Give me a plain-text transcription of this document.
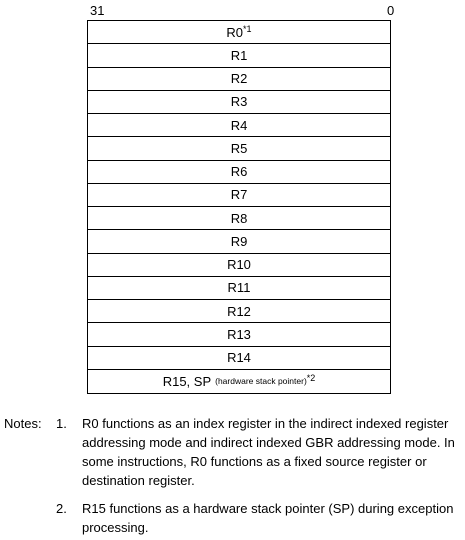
31	0
R0$^{*1}$
R1
R2
R3
R4
R5
R6
R7
R8
R9
R10
R11
R12
R13
R14
R15, SP (hardware stack pointer)$^{*2}$
Notes: 1.	R0 functions as an index register in the indirect indexed register addressing mode and indirect indexed GBR addressing mode. In some instructions, R0 functions as a fixed source register or destination register.
2.	R15 functions as a hardware stack pointer (SP) during exception processing.
